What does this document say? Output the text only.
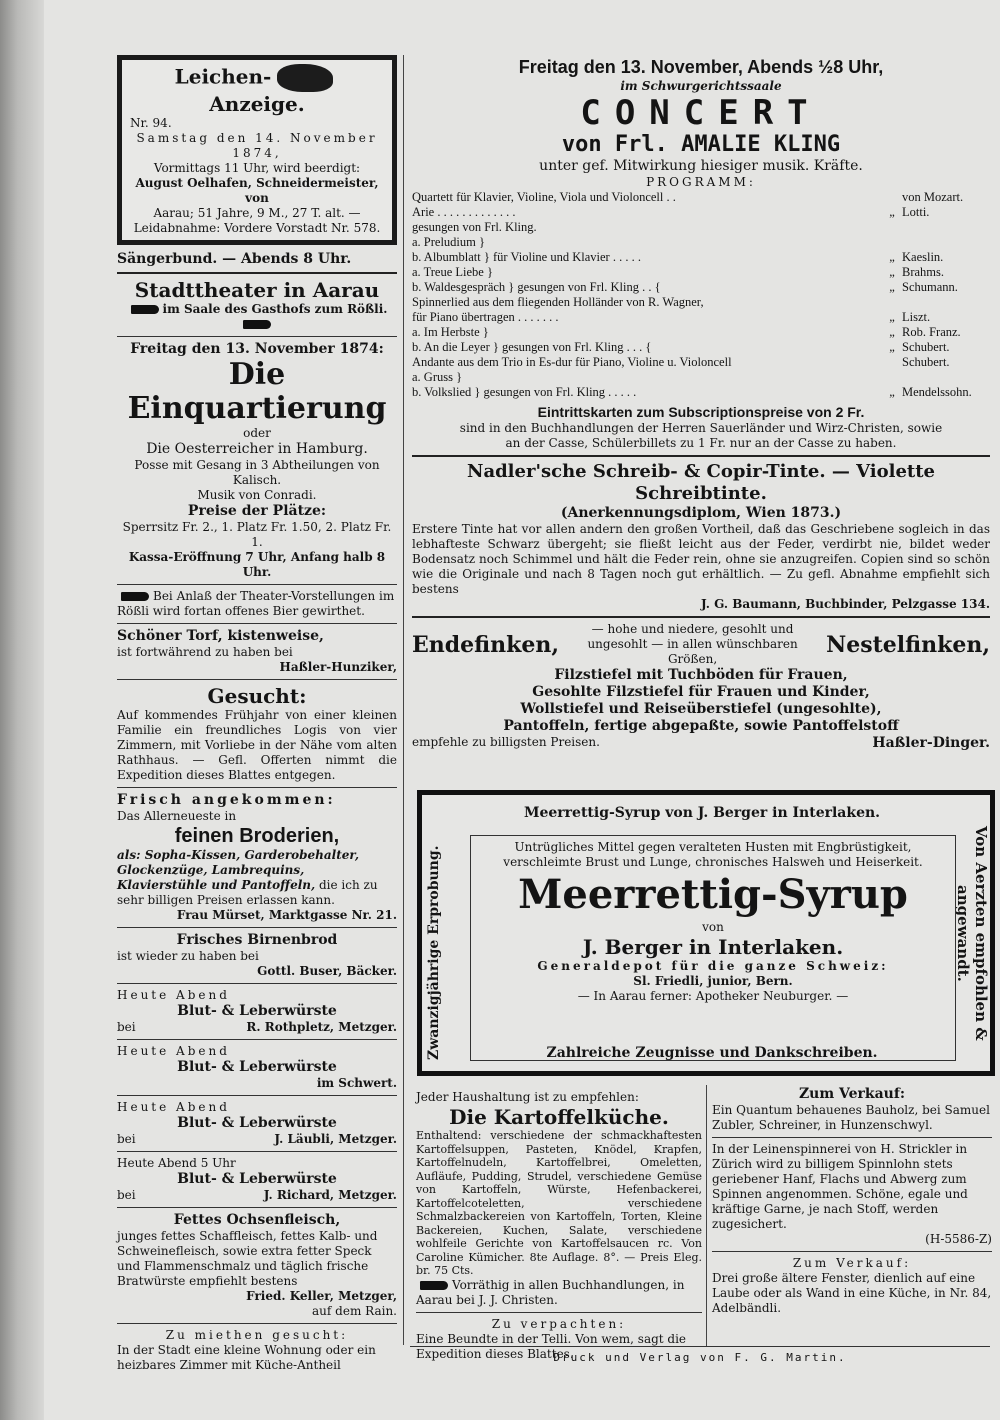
Leichen-Anzeige.
Nr. 94.
Samstag den 14. November 1874,
Vormittags 11 Uhr, wird beerdigt:
August Oelhafen, Schneidermeister, von
Aarau; 51 Jahre, 9 M., 27 T. alt. —
Leidabnahme: Vordere Vorstadt Nr. 578.
Sängerbund. — Abends 8 Uhr.
Stadttheater in Aarau
im Saale des Gasthofs zum Rößli.
Freitag den 13. November 1874:
Die Einquartierung
oder
Die Oesterreicher in Hamburg.
Posse mit Gesang in 3 Abtheilungen von Kalisch.
Musik von Conradi.
Preise der Plätze:
Sperrsitz Fr. 2., 1. Platz Fr. 1.50, 2. Platz Fr. 1.
Kassa-Eröffnung 7 Uhr, Anfang halb 8 Uhr.
Bei Anlaß der Theater-Vorstellungen im Rößli wird fortan offenes Bier gewirthet.
Schöner Torf, kistenweise,
ist fortwährend zu haben bei
Haßler-Hunziker,
Gesucht:
Auf kommendes Frühjahr von einer kleinen Familie ein freundliches Logis von vier Zimmern, mit Vorliebe in der Nähe vom alten Rathhaus. — Gefl. Offerten nimmt die Expedition dieses Blattes entgegen.
Frisch angekommen:
Das Allerneueste in
feinen Broderien,
als: Sopha-Kissen, Garderobehalter, Glockenzüge, Lambrequins, Klavierstühle und Pantoffeln, die ich zu sehr billigen Preisen erlassen kann.
Frau Mürset, Marktgasse Nr. 21.
Frisches Birnenbrod
ist wieder zu haben bei
Gottl. Buser, Bäcker.
Heute Abend
Blut- & Leberwürste
bei	R. Rothpletz, Metzger.
Heute Abend
Blut- & Leberwürste
im Schwert.
Heute Abend
Blut- & Leberwürste
bei	J. Läubli, Metzger.
Heute Abend 5 Uhr
Blut- & Leberwürste
bei	J. Richard, Metzger.
Fettes Ochsenfleisch,
junges fettes Schaffleisch, fettes Kalb- und Schweinefleisch, sowie extra fetter Speck und Flammenschmalz und täglich frische Bratwürste empfiehlt bestens
Fried. Keller, Metzger,
auf dem Rain.
Zu miethen gesucht:
In der Stadt eine kleine Wohnung oder ein heizbares Zimmer mit Küche-Antheil
Freitag den 13. November, Abends ½8 Uhr,
im Schwurgerichtssaale
CONCERT
von Frl. AMALIE KLING
unter gef. Mitwirkung hiesiger musik. Kräfte.
PROGRAMM:
Quartett für Klavier, Violine, Viola und Violoncell . .	von Mozart.
Arie . . . . . . . . . . . . .	„ Lotti.
gesungen von Frl. Kling.
a. Preludium }
b. Albumblatt } für Violine und Klavier . . . . .	„ Kaeslin.
a. Treue Liebe }	„ Brahms.
b. Waldesgespräch } gesungen von Frl. Kling . . {	„ Schumann.
Spinnerlied aus dem fliegenden Holländer von R. Wagner,
für Piano übertragen . . . . . . .	„ Liszt.
a. Im Herbste }	„ Rob. Franz.
b. An die Leyer } gesungen von Frl. Kling . . . {	„ Schubert.
Andante aus dem Trio in Es-dur für Piano, Violine u. Violoncell	Schubert.
a. Gruss }
b. Volkslied } gesungen von Frl. Kling . . . . .	„ Mendelssohn.
Eintrittskarten zum Subscriptionspreise von 2 Fr.
sind in den Buchhandlungen der Herren Sauerländer und Wirz-Christen, sowie
an der Casse, Schülerbillets zu 1 Fr. nur an der Casse zu haben.
Nadler'sche Schreib- & Copir-Tinte. — Violette Schreibtinte.
(Anerkennungsdiplom, Wien 1873.)
Erstere Tinte hat vor allen andern den großen Vortheil, daß das Geschriebene sogleich in das lebhafteste Schwarz übergeht; sie fließt leicht aus der Feder, verdirbt nie, bildet weder Bodensatz noch Schimmel und hält die Feder rein, ohne sie anzugreifen. Copien sind so schön wie die Originale und nach 8 Tagen noch gut erhältlich. — Zu gefl. Abnahme empfiehlt sich bestens
J. G. Baumann, Buchbinder, Pelzgasse 134.
Endefinken,
— hohe und niedere, gesohlt und ungesohlt — in allen wünschbaren Größen,
Nestelfinken,
Filzstiefel mit Tuchböden für Frauen,
Gesohlte Filzstiefel für Frauen und Kinder,
Wollstiefel und Reiseüberstiefel (ungesohlte),
Pantoffeln, fertige abgepaßte, sowie Pantoffelstoff
empfehle zu billigsten Preisen.	Haßler-Dinger.
Meerrettig-Syrup von J. Berger in Interlaken.
Zwanzigjährige Erprobung.	Von Aerzten empfohlen & angewandt.
Untrügliches Mittel gegen veralteten Husten mit Engbrüstigkeit, verschleimte Brust und Lunge, chronisches Halsweh und Heiserkeit.
Meerrettig-Syrup
von
J. Berger in Interlaken.
Generaldepot für die ganze Schweiz:
Sl. Friedli, junior, Bern.
— In Aarau ferner: Apotheker Neuburger. —
Zahlreiche Zeugnisse und Dankschreiben.
Jeder Haushaltung ist zu empfehlen:
Die Kartoffelküche.
Enthaltend: verschiedene der schmackhaftesten Kartoffelsuppen, Pasteten, Knödel, Krapfen, Kartoffelnudeln, Kartoffelbrei, Omeletten, Aufläufe, Pudding, Strudel, verschiedene Gemüse von Kartoffeln, Würste, Hefenbackerei, Kartoffelcoteletten, verschiedene Schmalzbackereien von Kartoffeln, Torten, Kleine Backereien, Kuchen, Salate, verschiedene wohlfeile Gerichte von Kartoffelsaucen rc. Von Caroline Kümicher. 8te Auflage. 8°. — Preis Eleg. br. 75 Cts.
Vorräthig in allen Buchhandlungen, in Aarau bei J. J. Christen.
Zu verpachten:
Eine Beundte in der Telli. Von wem, sagt die Expedition dieses Blattes.
Zum Verkauf:
Ein Quantum behauenes Bauholz, bei Samuel Zubler, Schreiner, in Hunzenschwyl.
In der Leinenspinnerei von H. Strickler in Zürich wird zu billigem Spinnlohn stets geriebener Hanf, Flachs und Abwerg zum Spinnen angenommen. Schöne, egale und kräftige Garne, je nach Stoff, werden zugesichert.
(H-5586-Z)
Zum Verkauf:
Drei große ältere Fenster, dienlich auf eine Laube oder als Wand in eine Küche, in Nr. 84, Adelbändli.
Druck und Verlag von F. G. Martin.
